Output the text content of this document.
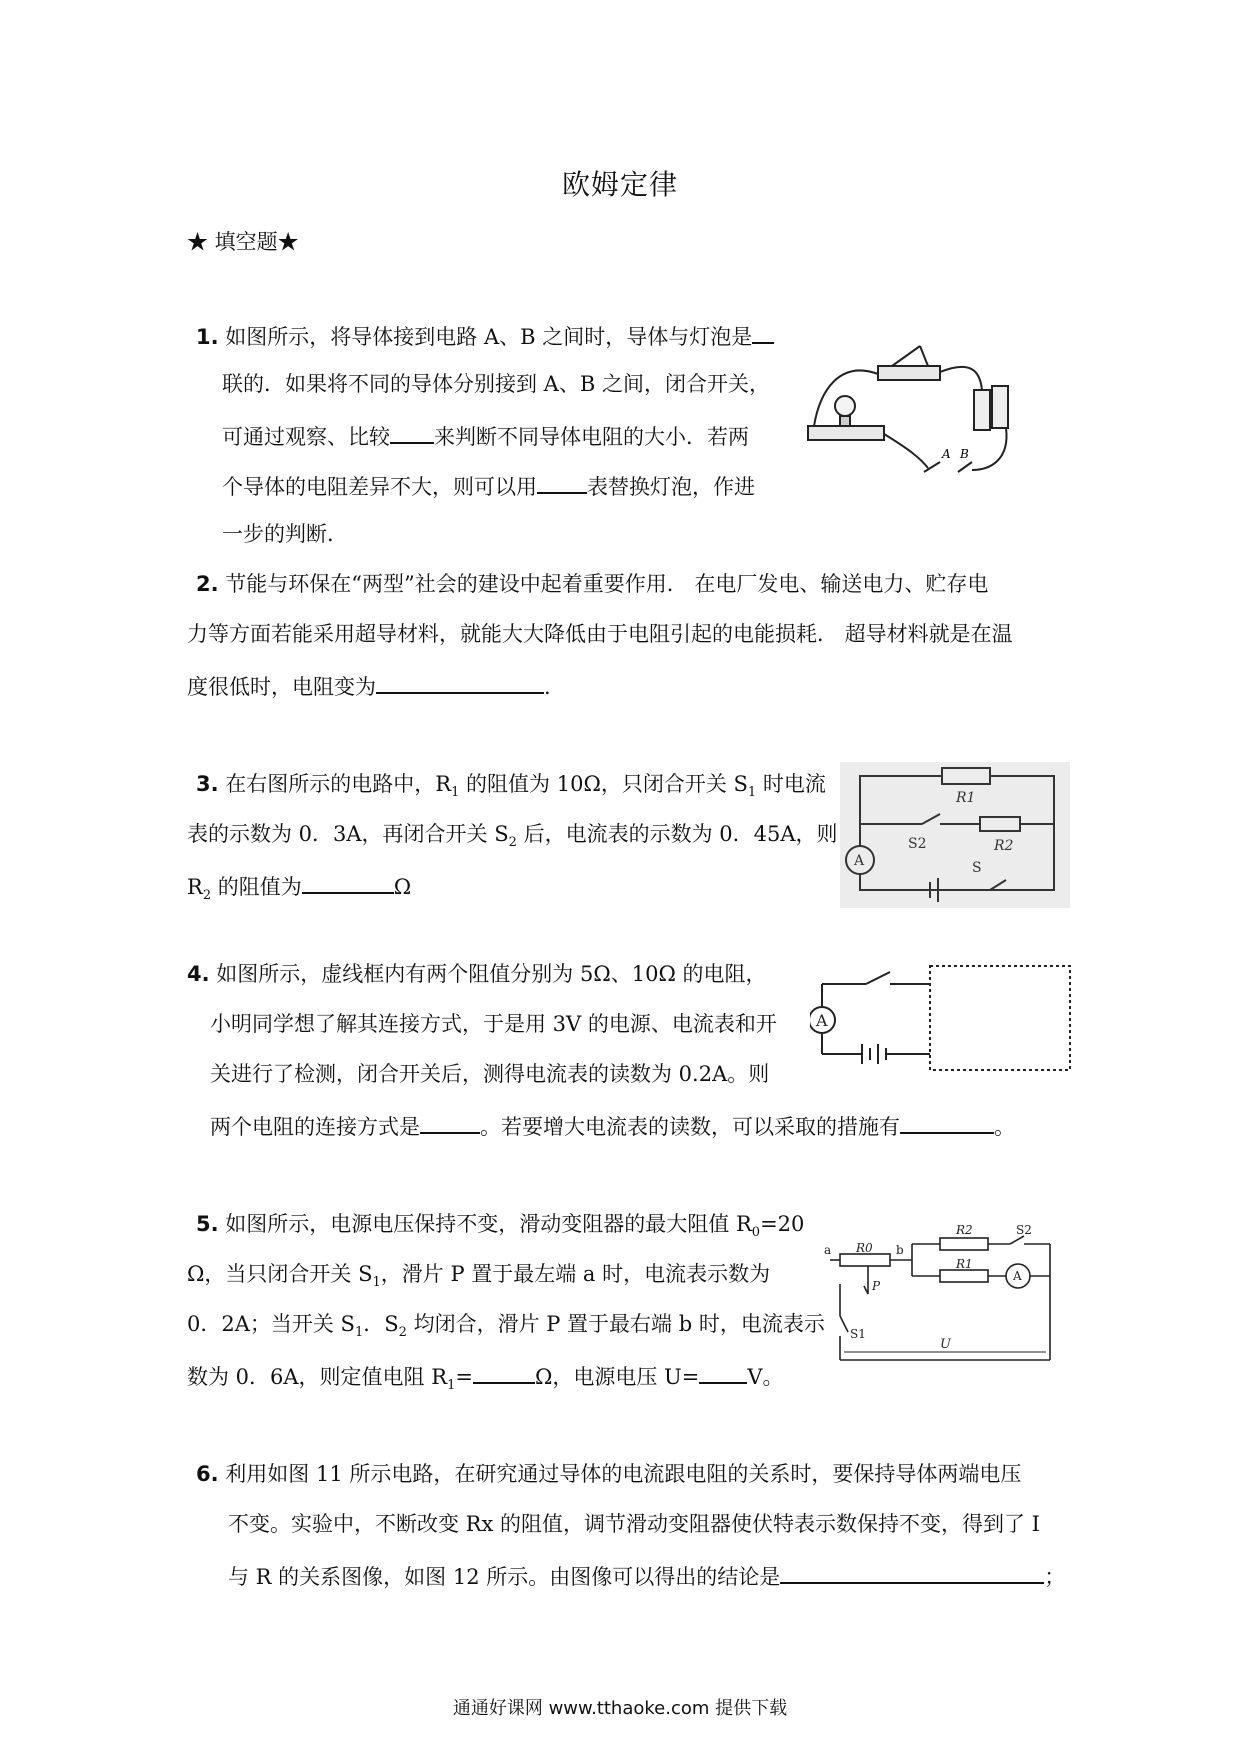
欧姆定律
★ 填空题★
1. 如图所示，将导体接到电路 A、B 之间时，导体与灯泡是
联的．如果将不同的导体分别接到 A、B 之间，闭合开关，
可通过观察、比较 来判断不同导体电阻的大小．若两
个导体的电阻差异不大，则可以用 表替换灯泡，作进
一步的判断．
A B
2. 节能与环保在“两型”社会的建设中起着重要作用． 在电厂发电、输送电力、贮存电
力等方面若能采用超导材料，就能大大降低由于电阻引起的电能损耗． 超导材料就是在温
度很低时，电阻变为	.
3. 在右图所示的电路中，$R_1$ 的阻值为 10Ω，只闭合开关 $S_1$ 时电流
表的示数为 0．3A，再闭合开关 $S_2$ 后，电流表的示数为 0．45A，则
$R_2$ 的阻值为	Ω
R1
S2	R2
S
A
4. 如图所示，虚线框内有两个阻值分别为 5Ω、10Ω 的电阻，
小明同学想了解其连接方式，于是用 3V 的电源、电流表和开
关进行了检测，闭合开关后，测得电流表的读数为 0.2A。则
两个电阻的连接方式是	。若要增大电流表的读数，可以采取的措施有	。
A
5. 如图所示，电源电压保持不变，滑动变阻器的最大阻值 $R_0=20$
Ω，当只闭合开关 $S_1$，滑片 P 置于最左端 a 时，电流表示数为
0．2A；当开关 $S_1$．$S_2$ 均闭合，滑片 P 置于最右端 b 时，电流表示
数为 0．6A，则定值电阻 $R_1=$	Ω，电源电压 U= V。
a R0 b
P
S1
R2	S2
R1
A
U
6. 利用如图 11 所示电路，在研究通过导体的电流跟电阻的关系时，要保持导体两端电压
不变。实验中，不断改变 Rx 的阻值，调节滑动变阻器使伏特表示数保持不变，得到了 I
与 R 的关系图像，如图 12 所示。由图像可以得出的结论是	；
通通好课网 www.tthaoke.com 提供下载
